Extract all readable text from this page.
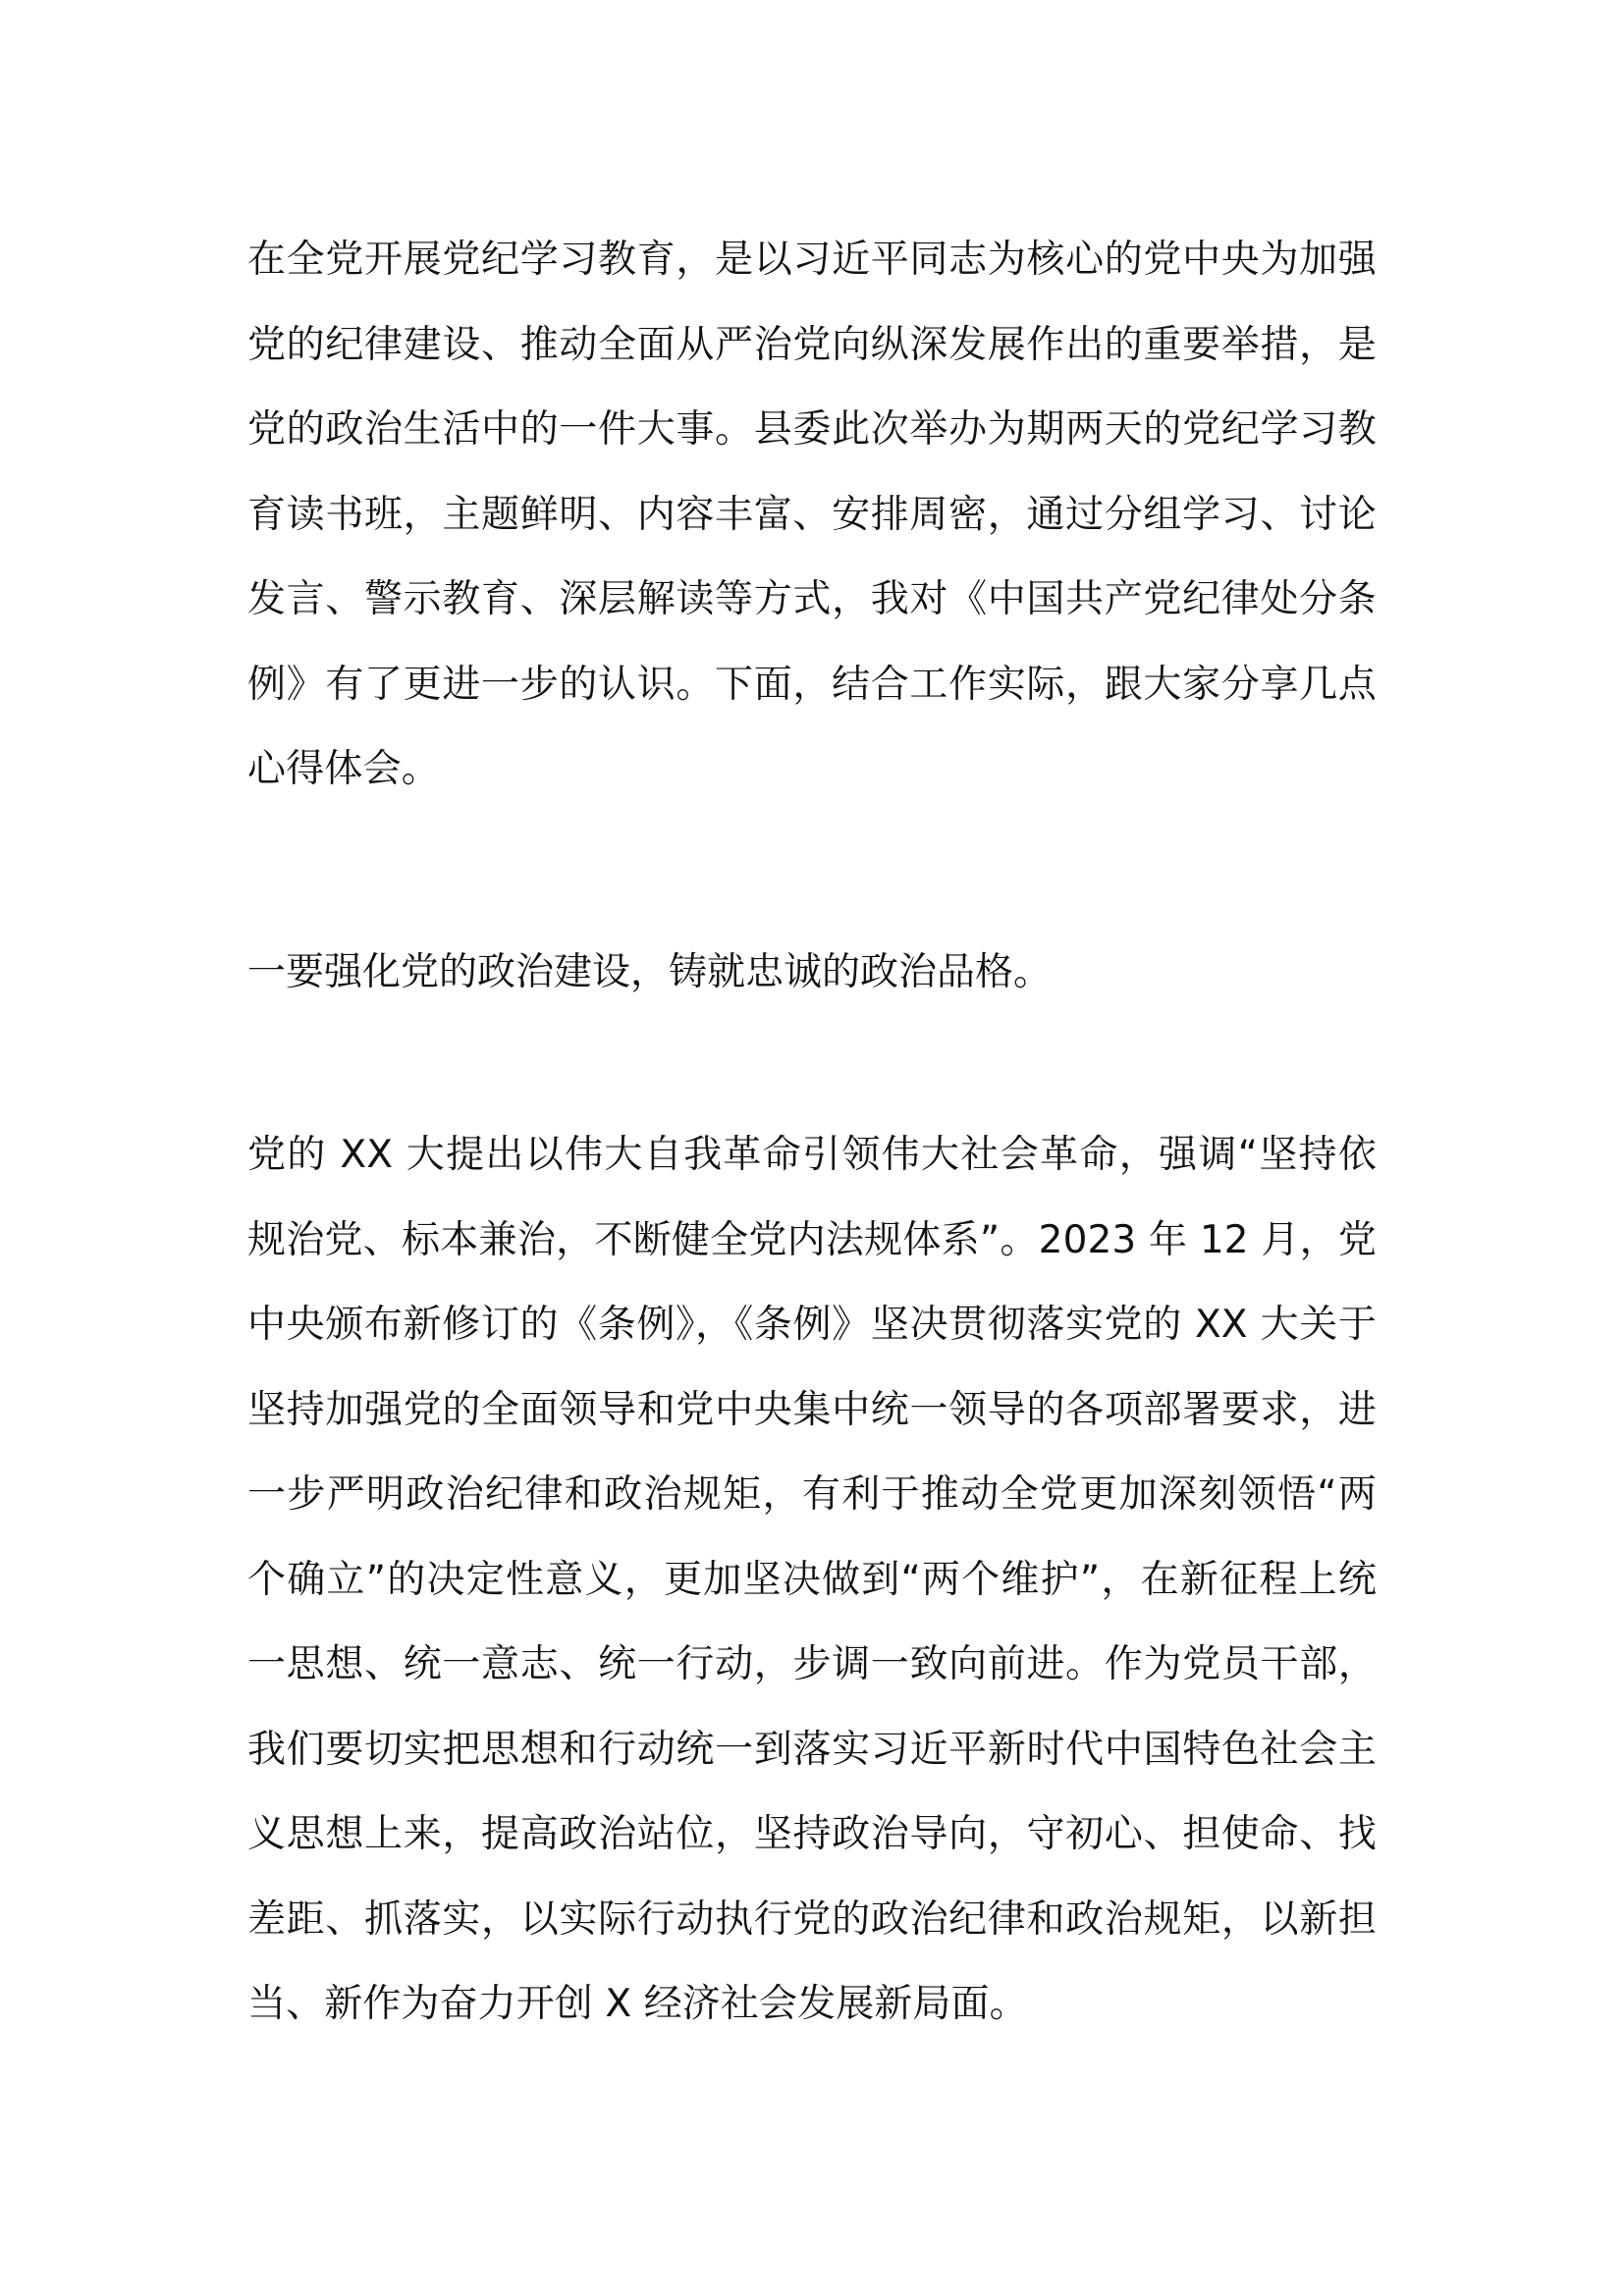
在全党开展党纪学习教育，是以习近平同志为核心的党中央为加强党的纪律建设、推动全面从严治党向纵深发展作出的重要举措，是党的政治生活中的一件大事。县委此次举办为期两天的党纪学习教育读书班，主题鲜明、内容丰富、安排周密，通过分组学习、讨论发言、警示教育、深层解读等方式，我对《中国共产党纪律处分条例》有了更进一步的认识。下面，结合工作实际，跟大家分享几点心得体会。

一要强化党的政治建设，铸就忠诚的政治品格。

党的 XX 大提出以伟大自我革命引领伟大社会革命，强调“坚持依规治党、标本兼治，不断健全党内法规体系”。2023 年 12 月，党中央颁布新修订的《条例》，《条例》坚决贯彻落实党的 XX 大关于坚持加强党的全面领导和党中央集中统一领导的各项部署要求，进一步严明政治纪律和政治规矩，有利于推动全党更加深刻领悟“两个确立”的决定性意义，更加坚决做到“两个维护”，在新征程上统一思想、统一意志、统一行动，步调一致向前进。作为党员干部，我们要切实把思想和行动统一到落实习近平新时代中国特色社会主义思想上来，提高政治站位，坚持政治导向，守初心、担使命、找差距、抓落实，以实际行动执行党的政治纪律和政治规矩，以新担当、新作为奋力开创 X 经济社会发展新局面。
